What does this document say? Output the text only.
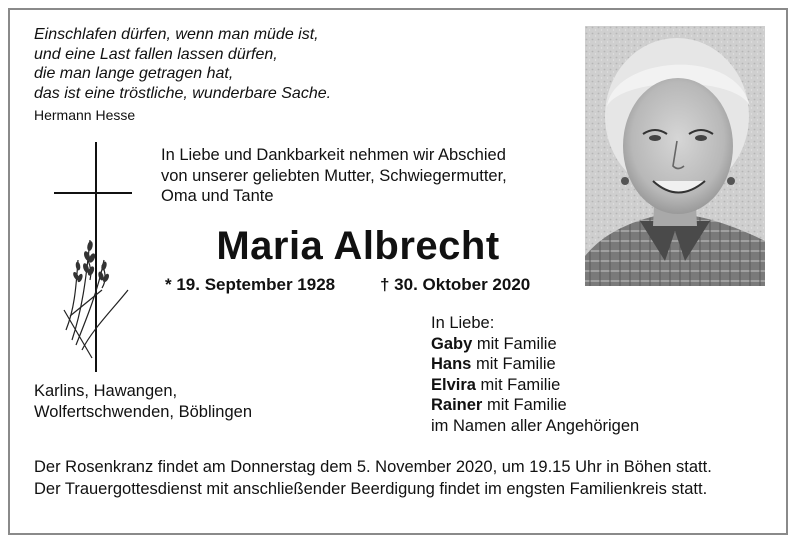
Einschlafen dürfen, wenn man müde ist,
und eine Last fallen lassen dürfen,
die man lange getragen hat,
das ist eine tröstliche, wunderbare Sache.
Hermann Hesse
In Liebe und Dankbarkeit nehmen wir Abschied
von unserer geliebten Mutter, Schwiegermutter,
Oma und Tante
Maria Albrecht
* 19. September 1928	† 30. Oktober 2020
Karlins, Hawangen,
Wolfertschwenden, Böblingen
In Liebe:
Gaby mit Familie
Hans mit Familie
Elvira mit Familie
Rainer mit Familie
im Namen aller Angehörigen
Der Rosenkranz findet am Donnerstag dem 5. November 2020, um 19.15 Uhr in Böhen statt.
Der Trauergottesdienst mit anschließender Beerdigung findet im engsten Familienkreis statt.
